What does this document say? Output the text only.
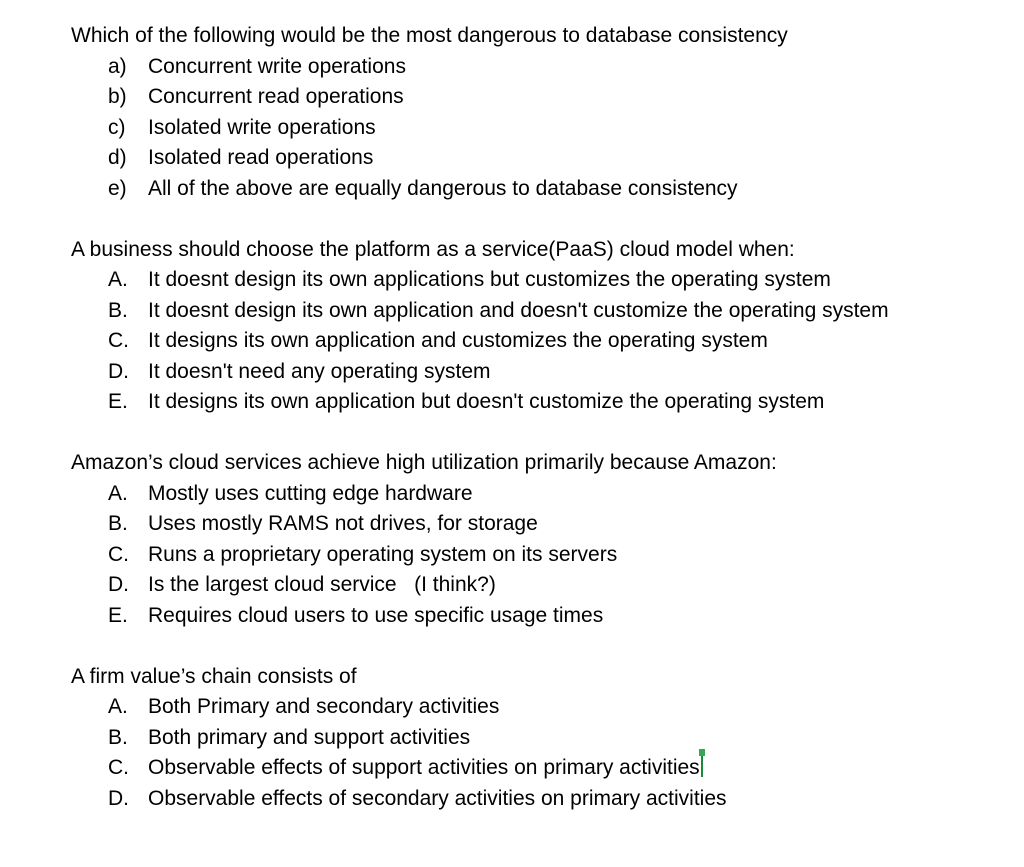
Which of the following would be the most dangerous to database consistency
a)	Concurrent write operations
b)	Concurrent read operations
c)	Isolated write operations
d)	Isolated read operations
e)	All of the above are equally dangerous to database consistency
A business should choose the platform as a service(PaaS) cloud model when:
A. It doesnt design its own applications but customizes the operating system
B. It doesnt design its own application and doesn't customize the operating system
C. It designs its own application and customizes the operating system
D. It doesn't need any operating system
E. It designs its own application but doesn't customize the operating system
Amazon’s cloud services achieve high utilization primarily because Amazon:
A. Mostly uses cutting edge hardware
B. Uses mostly RAMS not drives, for storage
C. Runs a proprietary operating system on its servers
D. Is the largest cloud service   (I think?)
E. Requires cloud users to use specific usage times
A firm value’s chain consists of
A. Both Primary and secondary activities
B. Both primary and support activities
C. Observable effects of support activities on primary activities
D. Observable effects of secondary activities on primary activities
